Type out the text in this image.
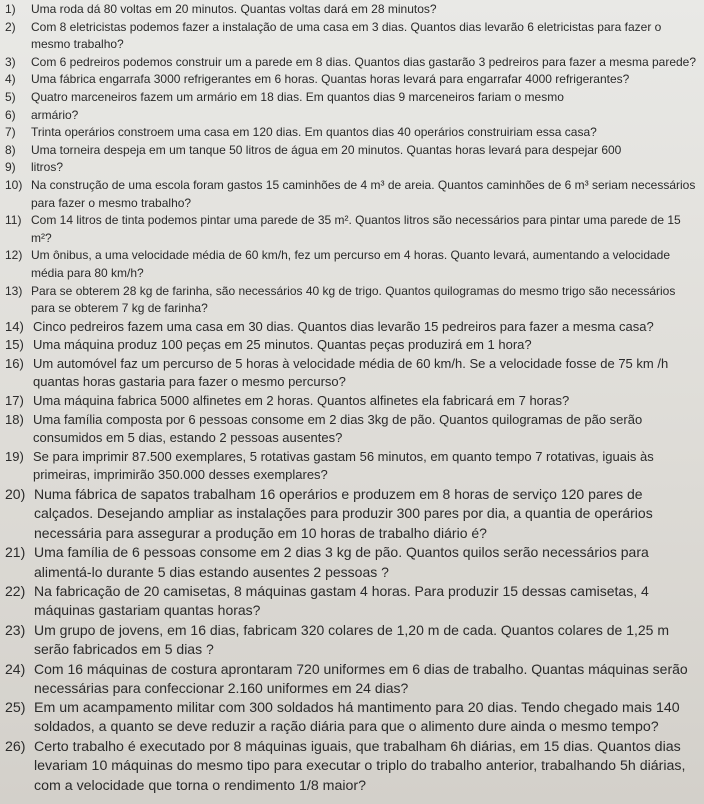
1)	Uma roda dá 80 voltas em 20 minutos. Quantas voltas dará em 28 minutos?
2)	Com 8 eletricistas podemos fazer a instalação de uma casa em 3 dias. Quantos dias levarão 6 eletricistas para fazer o mesmo trabalho?
3)	Com 6 pedreiros podemos construir um a parede em 8 dias. Quantos dias gastarão 3 pedreiros para fazer a mesma parede?
4)	Uma fábrica engarrafa 3000 refrigerantes em 6 horas. Quantas horas levará para engarrafar 4000 refrigerantes?
5)	Quatro marceneiros fazem um armário em 18 dias. Em quantos dias 9 marceneiros fariam o mesmo
6)	armário?
7)	Trinta operários constroem uma casa em 120 dias. Em quantos dias 40 operários construiriam essa casa?
8)	Uma torneira despeja em um tanque 50 litros de água em 20 minutos. Quantas horas levará para despejar 600
9)	litros?
10) Na construção de uma escola foram gastos 15 caminhões de 4 m³ de areia. Quantos caminhões de 6 m³ seriam necessários para fazer o mesmo trabalho?
11) Com 14 litros de tinta podemos pintar uma parede de 35 m². Quantos litros são necessários para pintar uma parede de 15 m²?
12) Um ônibus, a uma velocidade média de 60 km/h, fez um percurso em 4 horas. Quanto levará, aumentando a velocidade média para 80 km/h?
13) Para se obterem 28 kg de farinha, são necessários 40 kg de trigo. Quantos quilogramas do mesmo trigo são necessários para se obterem 7 kg de farinha?
14) Cinco pedreiros fazem uma casa em 30 dias. Quantos dias levarão 15 pedreiros para fazer a mesma casa?
15) Uma máquina produz 100 peças em 25 minutos. Quantas peças produzirá em 1 hora?
16) Um automóvel faz um percurso de 5 horas à velocidade média de 60 km/h. Se a velocidade fosse de 75 km /h quantas horas gastaria para fazer o mesmo percurso?
17) Uma máquina fabrica 5000 alfinetes em 2 horas. Quantos alfinetes ela fabricará em 7 horas?
18) Uma família composta por 6 pessoas consome em 2 dias 3kg de pão. Quantos quilogramas de pão serão consumidos em 5 dias, estando 2 pessoas ausentes?
19) Se para imprimir 87.500 exemplares, 5 rotativas gastam 56 minutos, em quanto tempo 7 rotativas, iguais às primeiras, imprimirão 350.000 desses exemplares?
20) Numa fábrica de sapatos trabalham 16 operários e produzem em 8 horas de serviço 120 pares de calçados. Desejando ampliar as instalações para produzir 300 pares por dia, a quantia de operários necessária para assegurar a produção em 10 horas de trabalho diário é?
21) Uma família de 6 pessoas consome em 2 dias 3 kg de pão. Quantos quilos serão necessários para alimentá-lo durante 5 dias estando ausentes 2 pessoas ?
22) Na fabricação de 20 camisetas, 8 máquinas gastam 4 horas. Para produzir 15 dessas camisetas, 4 máquinas gastariam quantas horas?
23) Um grupo de jovens, em 16 dias, fabricam 320 colares de 1,20 m de cada. Quantos colares de 1,25 m serão fabricados em 5 dias ?
24) Com 16 máquinas de costura aprontaram 720 uniformes em 6 dias de trabalho. Quantas máquinas serão necessárias para confeccionar 2.160 uniformes em 24 dias?
25) Em um acampamento militar com 300 soldados há mantimento para 20 dias. Tendo chegado mais 140 soldados, a quanto se deve reduzir a ração diária para que o alimento dure ainda o mesmo tempo?
26) Certo trabalho é executado por 8 máquinas iguais, que trabalham 6h diárias, em 15 dias. Quantos dias levariam 10 máquinas do mesmo tipo para executar o triplo do trabalho anterior, trabalhando 5h diárias, com a velocidade que torna o rendimento 1/8 maior?
